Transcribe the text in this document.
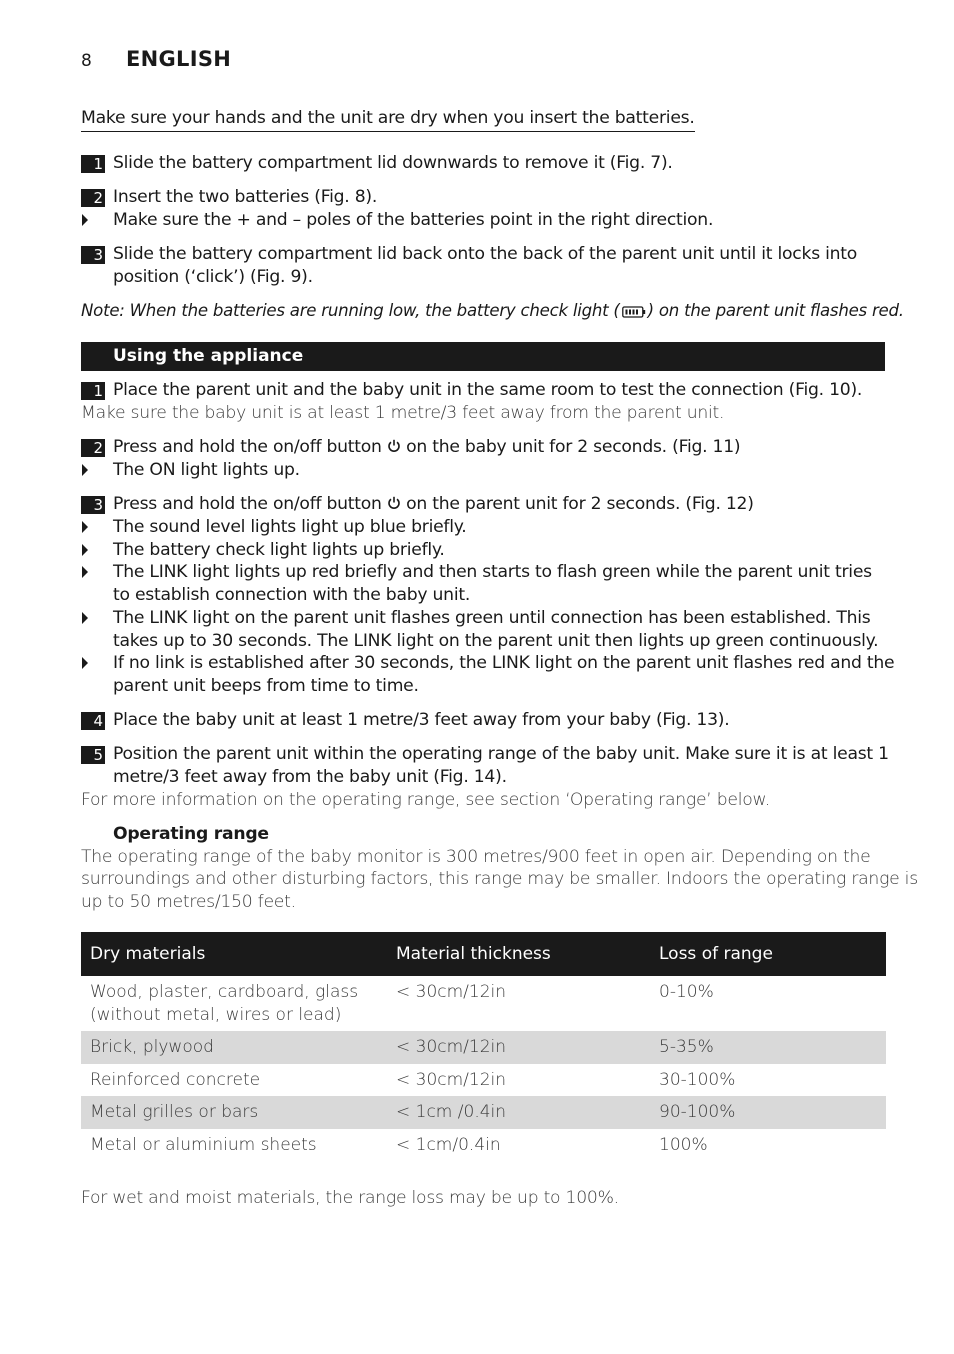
8 ENGLISH
Make sure your hands and the unit are dry when you insert the batteries.
1 Slide the battery compartment lid downwards to remove it (Fig. 7).
2 Insert the two batteries (Fig. 8).
Make sure the + and – poles of the batteries point in the right direction.
3 Slide the battery compartment lid back onto the back of the parent unit until it locks into
position (‘click’) (Fig. 9).
Note: When the batteries are running low, the battery check light ( ) on the parent unit flashes red.
Using the appliance
1 Place the parent unit and the baby unit in the same room to test the connection (Fig. 10).
Make sure the baby unit is at least 1 metre/3 feet away from the parent unit.
2 Press and hold the on/off button on the baby unit for 2 seconds. (Fig. 11)
The ON light lights up.
3 Press and hold the on/off button on the parent unit for 2 seconds. (Fig. 12)
The sound level lights light up blue briefly.
The battery check light lights up briefly.
The LINK light lights up red briefly and then starts to flash green while the parent unit tries
to establish connection with the baby unit.
The LINK light on the parent unit flashes green until connection has been established. This
takes up to 30 seconds. The LINK light on the parent unit then lights up green continuously.
If no link is established after 30 seconds, the LINK light on the parent unit flashes red and the
parent unit beeps from time to time.
4 Place the baby unit at least 1 metre/3 feet away from your baby (Fig. 13).
5 Position the parent unit within the operating range of the baby unit. Make sure it is at least 1
metre/3 feet away from the baby unit (Fig. 14).
For more information on the operating range, see section ‘Operating range’ below.
Operating range
The operating range of the baby monitor is 300 metres/900 feet in open air. Depending on the
surroundings and other disturbing factors, this range may be smaller. Indoors the operating range is
up to 50 metres/150 feet.
Dry materials	Material thickness	Loss of range
Wood, plaster, cardboard, glass
(without metal, wires or lead)	< 30cm/12in	0-10%
Brick, plywood	< 30cm/12in	5-35%
Reinforced concrete	< 30cm/12in	30-100%
Metal grilles or bars	< 1cm /0.4in	90-100%
Metal or aluminium sheets	< 1cm/0.4in	100%
For wet and moist materials, the range loss may be up to 100%.
